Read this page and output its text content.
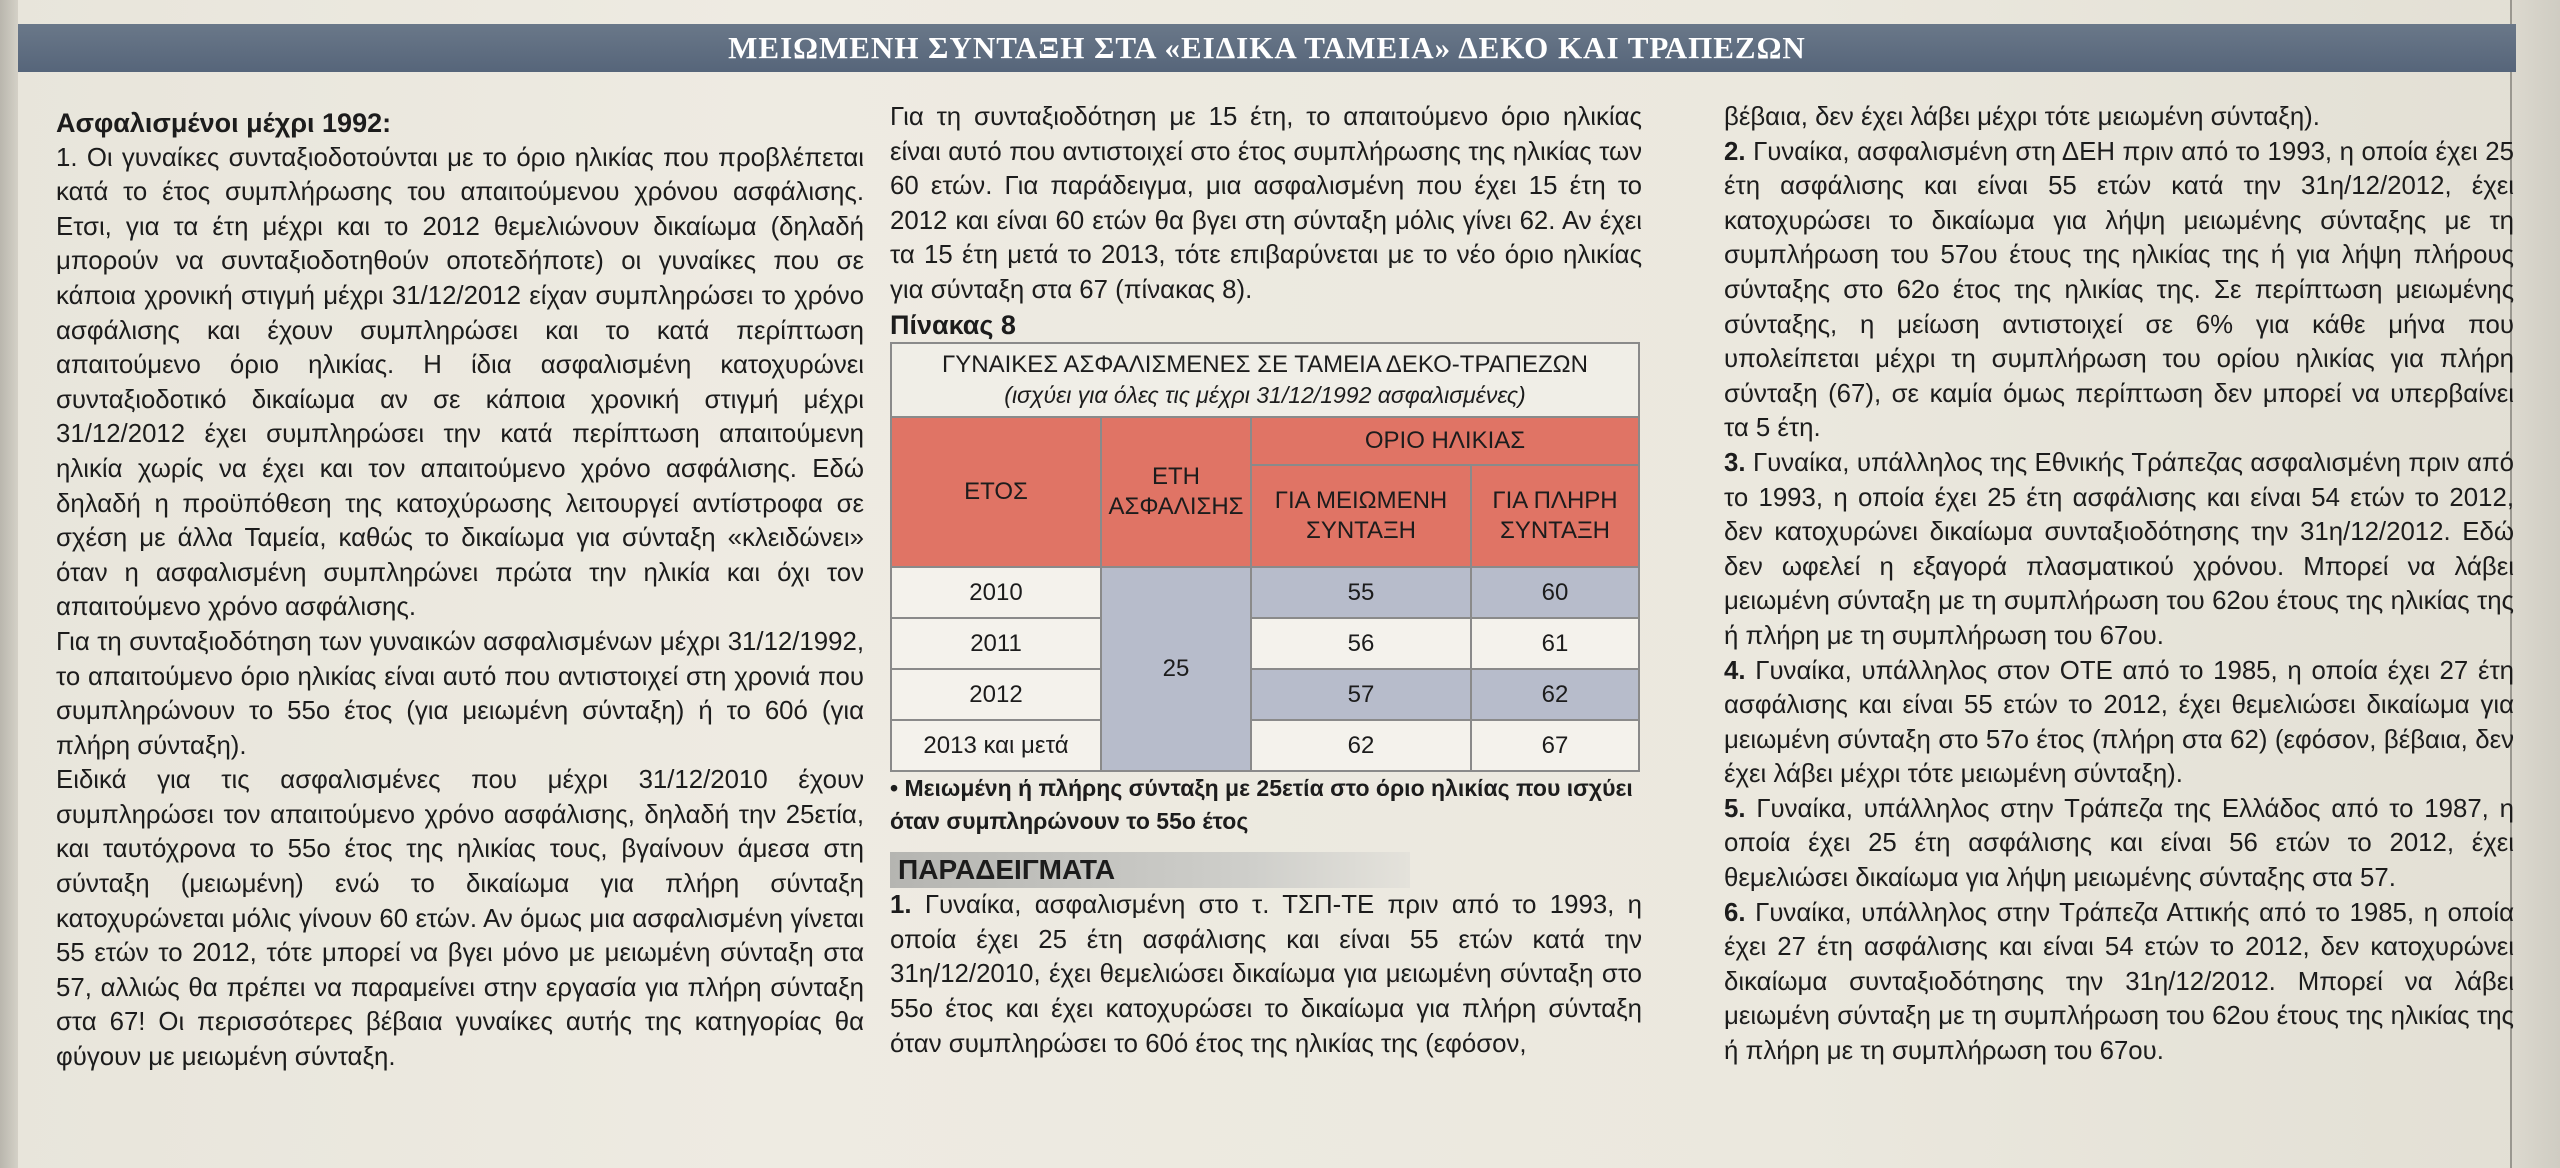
ΜΕΙΩΜΕΝΗ ΣΥΝΤΑΞΗ ΣΤΑ «ΕΙΔΙΚΑ ΤΑΜΕΙΑ» ΔΕΚΟ ΚΑΙ ΤΡΑΠΕΖΩΝ

Ασφαλισμένοι μέχρι 1992:

1. Οι γυναίκες συνταξιοδοτούνται με το όριο ηλικίας που προβλέπεται κατά το έτος συμπλήρωσης του απαιτούμενου χρόνου ασφάλισης. Ετσι, για τα έτη μέχρι και το 2012 θεμελιώνουν δικαίωμα (δηλαδή μπορούν να συνταξιοδοτηθούν οποτεδήποτε) οι γυναίκες που σε κάποια χρονική στιγμή μέχρι 31/12/2012 είχαν συμπληρώσει το χρόνο ασφάλισης και έχουν συμπληρώσει και το κατά περίπτωση απαιτούμενο όριο ηλικίας. Η ίδια ασφαλισμένη κατοχυρώνει συνταξιοδοτικό δικαίωμα αν σε κάποια χρονική στιγμή μέχρι 31/12/2012 έχει συμπληρώσει την κατά περίπτωση απαιτούμενη ηλικία χωρίς να έχει και τον απαιτούμενο χρόνο ασφάλισης. Εδώ δηλαδή η προϋπόθεση της κατοχύρωσης λειτουργεί αντίστροφα σε σχέση με άλλα Ταμεία, καθώς το δικαίωμα για σύνταξη «κλειδώνει» όταν η ασφαλισμένη συμπληρώνει πρώτα την ηλικία και όχι τον απαιτούμενο χρόνο ασφάλισης.

Για τη συνταξιοδότηση των γυναικών ασφαλισμένων μέχρι 31/12/1992, το απαιτούμενο όριο ηλικίας είναι αυτό που αντιστοιχεί στη χρονιά που συμπληρώνουν το 55ο έτος (για μειωμένη σύνταξη) ή το 60ό (για πλήρη σύνταξη).

Ειδικά για τις ασφαλισμένες που μέχρι 31/12/2010 έχουν συμπληρώσει τον απαιτούμενο χρόνο ασφάλισης, δηλαδή την 25ετία, και ταυτόχρονα το 55ο έτος της ηλικίας τους, βγαίνουν άμεσα στη σύνταξη (μειωμένη) ενώ το δικαίωμα για πλήρη σύνταξη κατοχυρώνεται μόλις γίνουν 60 ετών. Αν όμως μια ασφαλισμένη γίνεται 55 ετών το 2012, τότε μπορεί να βγει μόνο με μειωμένη σύνταξη στα 57, αλλιώς θα πρέπει να παραμείνει στην εργασία για πλήρη σύνταξη στα 67! Οι περισσότερες βέβαια γυναίκες αυτής της κατηγορίας θα φύγουν με μειωμένη σύνταξη.

Για τη συνταξιοδότηση με 15 έτη, το απαιτούμενο όριο ηλικίας είναι αυτό που αντιστοιχεί στο έτος συμπλήρωσης της ηλικίας των 60 ετών. Για παράδειγμα, μια ασφαλισμένη που έχει 15 έτη το 2012 και είναι 60 ετών θα βγει στη σύνταξη μόλις γίνει 62. Αν έχει τα 15 έτη μετά το 2013, τότε επιβαρύνεται με το νέο όριο ηλικίας για σύνταξη στα 67 (πίνακας 8).

Πίνακας 8

ΓΥΝΑΙΚΕΣ ΑΣΦΑΛΙΣΜΕΝΕΣ ΣΕ ΤΑΜΕΙΑ ΔΕΚΟ-ΤΡΑΠΕΖΩΝ
(ισχύει για όλες τις μέχρι 31/12/1992 ασφαλισμένες)			

ΕΤΟΣ	ΕΤΗ ΑΣΦΑΛΙΣΗΣ	ΟΡΙΟ ΗΛΙΚΙΑΣ	
		ΓΙΑ ΜΕΙΩΜΕΝΗ ΣΥΝΤΑΞΗ	ΓΙΑ ΠΛΗΡΗ ΣΥΝΤΑΞΗ
2010	25	55	60
2011		56	61
2012		57	62
2013 και μετά		62	67

• Μειωμένη ή πλήρης σύνταξη με 25ετία στο όριο ηλικίας που ισχύει όταν συμπληρώνουν το 55ο έτος

ΠΑΡΑΔΕΙΓΜΑΤΑ

1. Γυναίκα, ασφαλισμένη στο τ. ΤΣΠ-ΤΕ πριν από το 1993, η οποία έχει 25 έτη ασφάλισης και είναι 55 ετών κατά την 31η/12/2010, έχει θεμελιώσει δικαίωμα για μειωμένη σύνταξη στο 55ο έτος και έχει κατοχυρώσει το δικαίωμα για πλήρη σύνταξη όταν συμπληρώσει το 60ό έτος της ηλικίας της (εφόσον,

βέβαια, δεν έχει λάβει μέχρι τότε μειωμένη σύνταξη).

2. Γυναίκα, ασφαλισμένη στη ΔΕΗ πριν από το 1993, η οποία έχει 25 έτη ασφάλισης και είναι 55 ετών κατά την 31η/12/2012, έχει κατοχυρώσει το δικαίωμα για λήψη μειωμένης σύνταξης με τη συμπλήρωση του 57ου έτους της ηλικίας της ή για λήψη πλήρους σύνταξης στο 62ο έτος της ηλικίας της. Σε περίπτωση μειωμένης σύνταξης, η μείωση αντιστοιχεί σε 6% για κάθε μήνα που υπολείπεται μέχρι τη συμπλήρωση του ορίου ηλικίας για πλήρη σύνταξη (67), σε καμία όμως περίπτωση δεν μπορεί να υπερβαίνει τα 5 έτη.

3. Γυναίκα, υπάλληλος της Εθνικής Τράπεζας ασφαλισμένη πριν από το 1993, η οποία έχει 25 έτη ασφάλισης και είναι 54 ετών το 2012, δεν κατοχυρώνει δικαίωμα συνταξιοδότησης την 31η/12/2012. Εδώ δεν ωφελεί η εξαγορά πλασματικού χρόνου. Μπορεί να λάβει μειωμένη σύνταξη με τη συμπλήρωση του 62ου έτους της ηλικίας της ή πλήρη με τη συμπλήρωση του 67ου.

4. Γυναίκα, υπάλληλος στον ΟΤΕ από το 1985, η οποία έχει 27 έτη ασφάλισης και είναι 55 ετών το 2012, έχει θεμελιώσει δικαίωμα για μειωμένη σύνταξη στο 57ο έτος (πλήρη στα 62) (εφόσον, βέβαια, δεν έχει λάβει μέχρι τότε μειωμένη σύνταξη).

5. Γυναίκα, υπάλληλος στην Τράπεζα της Ελλάδος από το 1987, η οποία έχει 25 έτη ασφάλισης και είναι 56 ετών το 2012, έχει θεμελιώσει δικαίωμα για λήψη μειωμένης σύνταξης στα 57.

6. Γυναίκα, υπάλληλος στην Τράπεζα Αττικής από το 1985, η οποία έχει 27 έτη ασφάλισης και είναι 54 ετών το 2012, δεν κατοχυρώνει δικαίωμα συνταξιοδότησης την 31η/12/2012. Μπορεί να λάβει μειωμένη σύνταξη με τη συμπλήρωση του 62ου έτους της ηλικίας της ή πλήρη με τη συμπλήρωση του 67ου.
